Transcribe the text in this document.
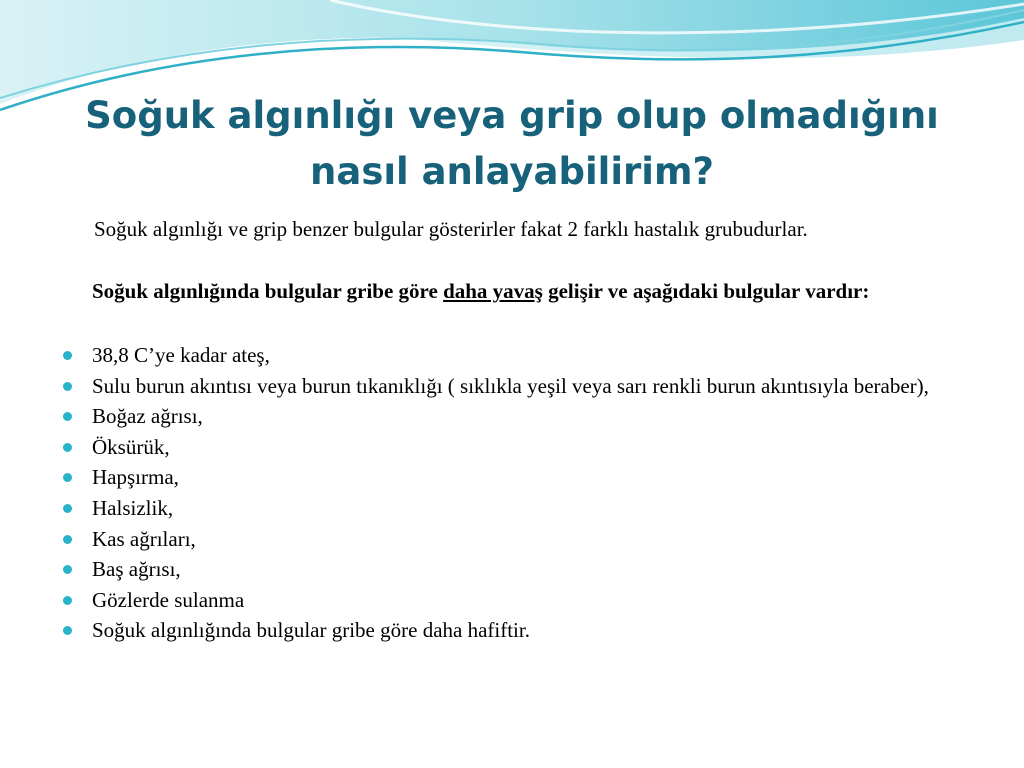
Soğuk algınlığı veya grip olup olmadığını
nasıl anlayabilirim?

Soğuk algınlığı ve grip benzer bulgular gösterirler fakat 2 farklı hastalık grubudurlar.

Soğuk algınlığında bulgular gribe göre daha yavaş gelişir ve aşağıdaki bulgular vardır:

38,8 C’ye kadar ateş,
Sulu burun akıntısı veya burun tıkanıklığı ( sıklıkla yeşil veya sarı renkli burun akıntısıyla beraber),
Boğaz ağrısı,
Öksürük,
Hapşırma,
Halsizlik,
Kas ağrıları,
Baş ağrısı,
Gözlerde sulanma
Soğuk algınlığında bulgular gribe göre daha hafiftir.
